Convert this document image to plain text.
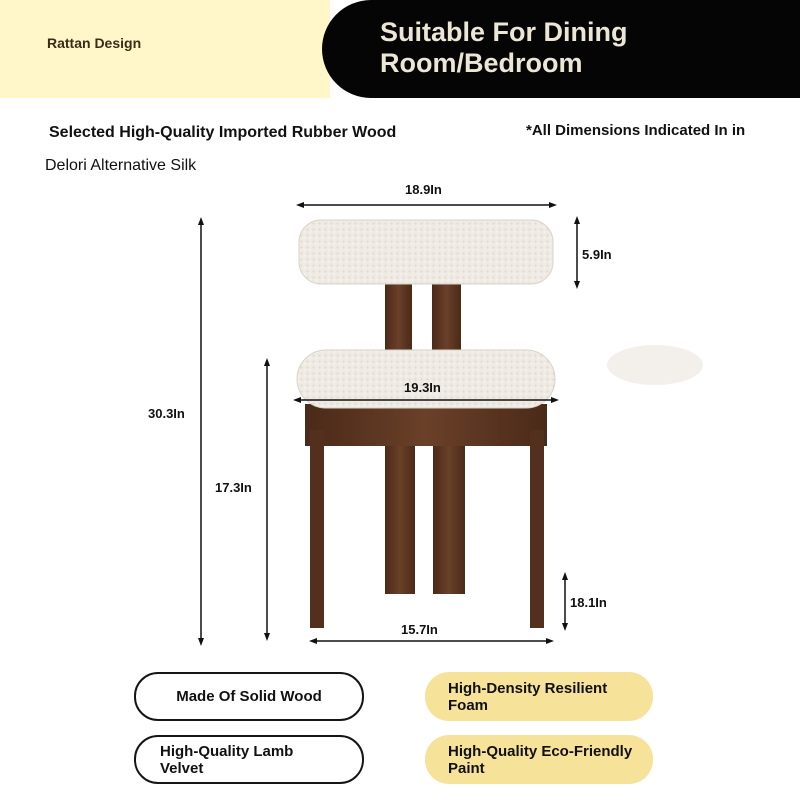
Rattan Design	Suitable For Dining Room/Bedroom
Selected High-Quality Imported Rubber Wood	*All Dimensions Indicated In in
Delori Alternative Silk
18.9In
5.9In
19.3In
30.3In
17.3In
18.1In
15.7In
Made Of Solid Wood	High-Density Resilient Foam
High-Quality Lamb Velvet
High-Quality Eco-Friendly Paint
